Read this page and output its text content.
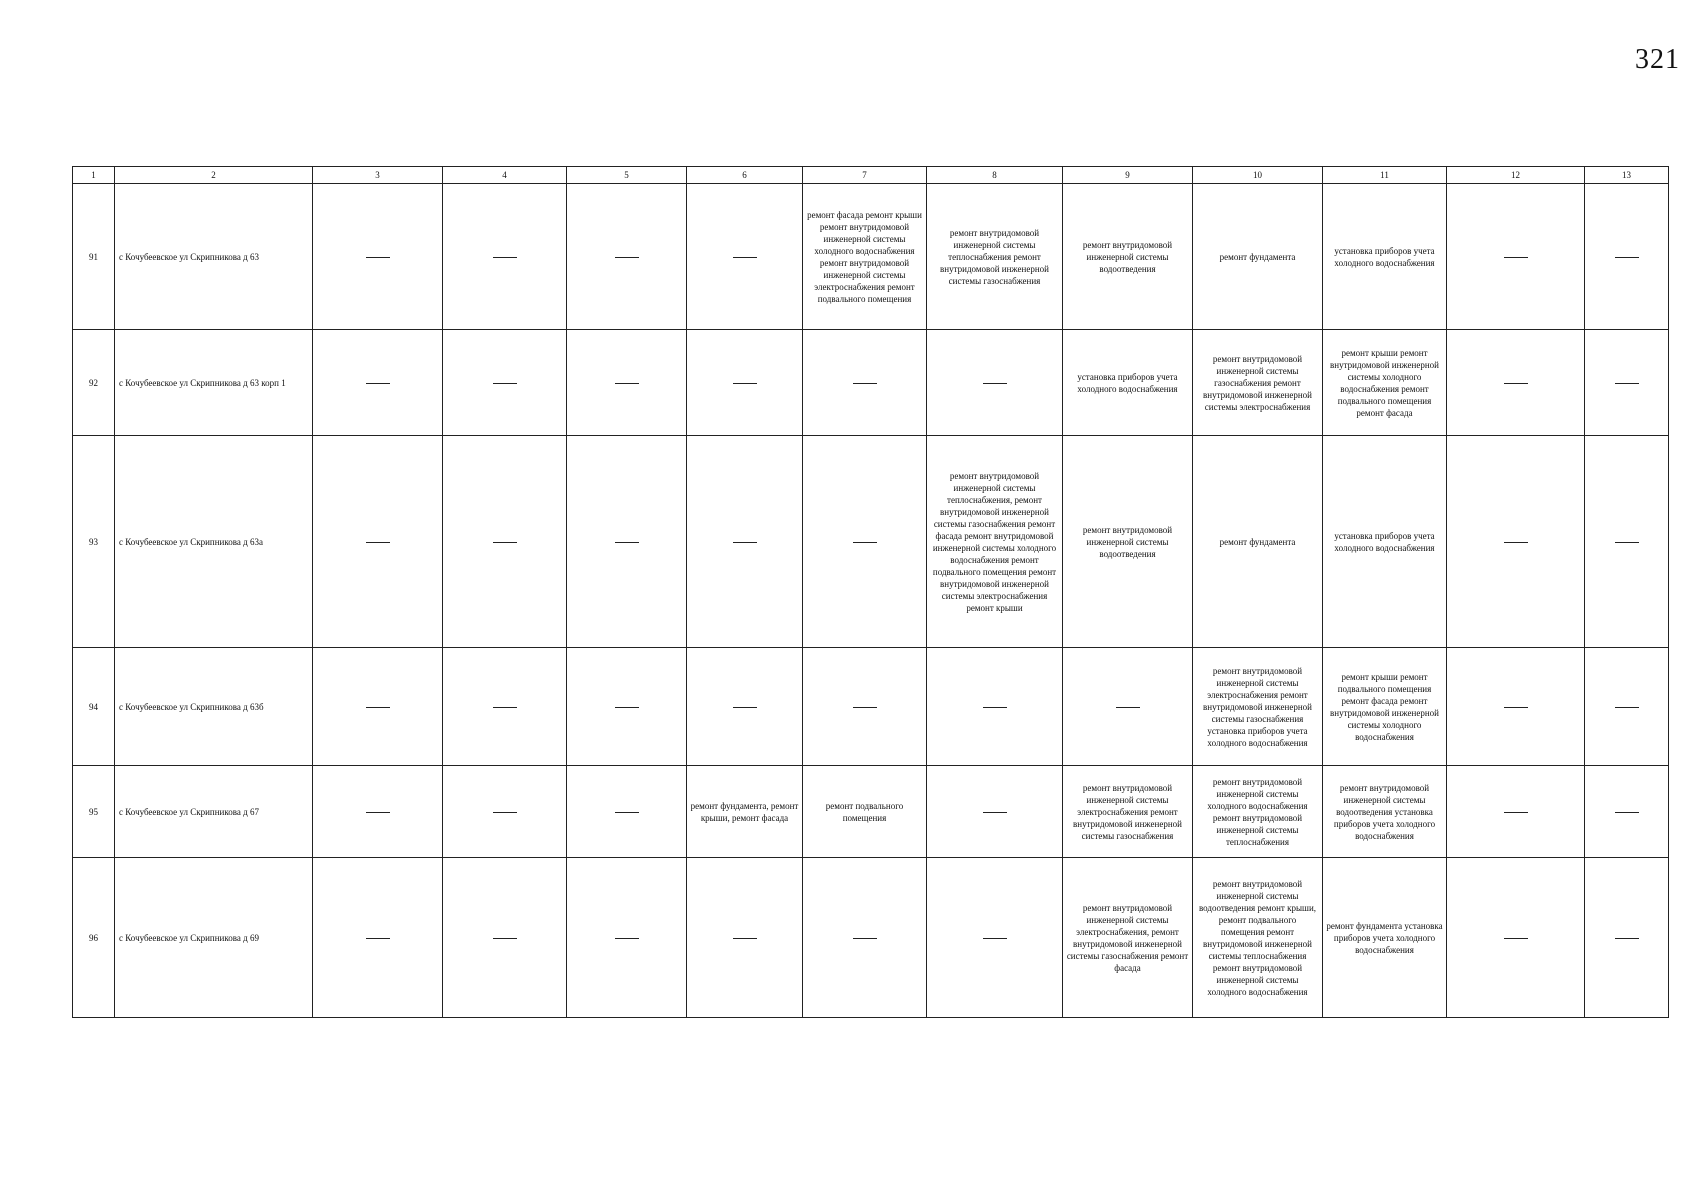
321
1	2	3	4	5	6	7	8	9	10	11	12	13
91	с Кочубеевское ул Скрипникова д 63					ремонт фасада ремонт крыши ремонт внутридомовой инженерной системы холодного водоснабжения ремонт внутридомовой инженерной системы электроснабжения ремонт подвального помещения	ремонт внутридомовой инженерной системы теплоснабжения ремонт внутридомовой инженерной системы газоснабжения	ремонт внутридомовой инженерной системы водоотведения	ремонт фундамента	установка приборов учета холодного водоснабжения		
92	с Кочубеевское ул Скрипникова д 63 корп 1							установка приборов учета холодного водоснабжения	ремонт внутридомовой инженерной системы газоснабжения ремонт внутридомовой инженерной системы электроснабжения	ремонт крыши ремонт внутридомовой инженерной системы холодного водоснабжения ремонт подвального помещения ремонт фасада		
93	с Кочубеевское ул Скрипникова д 63а						ремонт внутридомовой инженерной системы теплоснабжения, ремонт внутридомовой инженерной системы газоснабжения ремонт фасада ремонт внутридомовой инженерной системы холодного водоснабжения ремонт подвального помещения ремонт внутридомовой инженерной системы электроснабжения ремонт крыши	ремонт внутридомовой инженерной системы водоотведения	ремонт фундамента	установка приборов учета холодного водоснабжения		
94	с Кочубеевское ул Скрипникова д 63б								ремонт внутридомовой инженерной системы электроснабжения ремонт внутридомовой инженерной системы газоснабжения установка приборов учета холодного водоснабжения	ремонт крыши ремонт подвального помещения ремонт фасада ремонт внутридомовой инженерной системы холодного водоснабжения		
95	с Кочубеевское ул Скрипникова д 67				ремонт фундамента, ремонт крыши, ремонт фасада	ремонт подвального помещения		ремонт внутридомовой инженерной системы электроснабжения ремонт внутридомовой инженерной системы газоснабжения	ремонт внутридомовой инженерной системы холодного водоснабжения ремонт внутридомовой инженерной системы теплоснабжения	ремонт внутридомовой инженерной системы водоотведения установка приборов учета холодного водоснабжения		
96	с Кочубеевское ул Скрипникова д 69							ремонт внутридомовой инженерной системы электроснабжения, ремонт внутридомовой инженерной системы газоснабжения ремонт фасада	ремонт внутридомовой инженерной системы водоотведения ремонт крыши, ремонт подвального помещения ремонт внутридомовой инженерной системы теплоснабжения ремонт внутридомовой инженерной системы холодного водоснабжения	ремонт фундамента установка приборов учета холодного водоснабжения		
